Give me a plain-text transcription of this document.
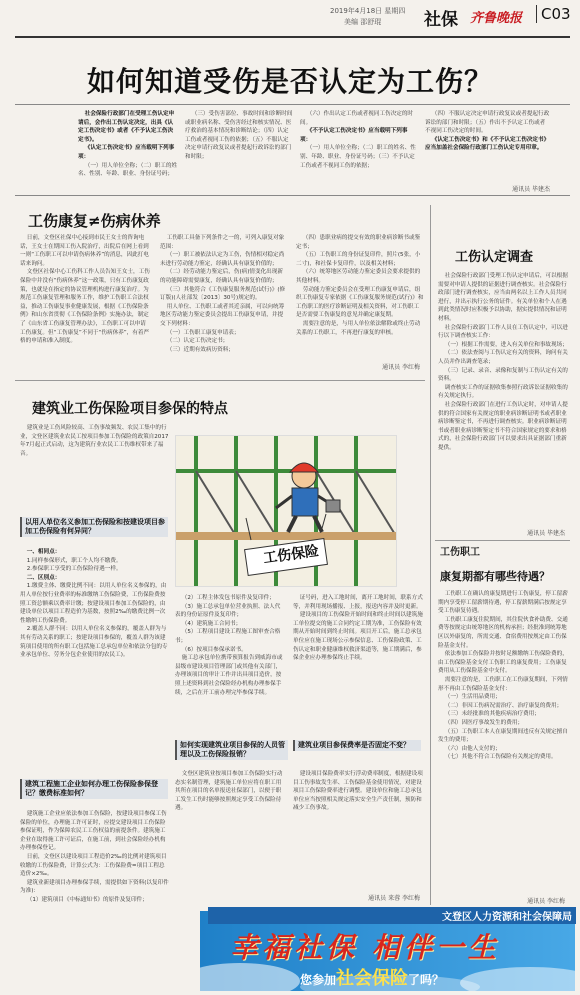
2019年4月18日 星期四
美编 邵舒琨	社保 齐鲁晚报	C03
如何知道受伤是否认定为工伤？

社会保险行政部门在受理工伤认定申请后，会作出工伤认定决定，出具《认定工伤决定书》或者《不予认定工伤决定书》。

《认定工伤决定书》应当载明下列事项：

（一）用人单位全称；（二）职工的姓名、性别、年龄、职业、身份证号码；

（三）受伤害部位、事故时间和诊断时间或职业病名称、受伤害经过和核实情况、医疗救治的基本情况和诊断结论；（四）认定工伤或者视同工伤的依据；（五）不服认定决定申请行政复议或者提起行政诉讼的部门和时限；

（六）作出认定工伤或者视同工伤决定的时间。

《不予认定工伤决定书》应当载明下列事项：

（一）用人单位全称；（二）职工的姓名、性别、年龄、职业、身份证号码；（三）不予认定工伤或者不视同工伤的依据；

（四）不服认定决定申请行政复议或者提起行政诉讼的部门和时限；（五）作出不予认定工伤或者不视同工伤决定的时间。

《认定工伤决定书》和《不予认定工伤决定书》应当加盖社会保险行政部门工伤认定专用印章。

通讯员 毕建杰
工伤康复≠伤病休养

日前，文登区社保中心接到市民王女士的咨询电话，王女士在期因工伤入院治疗，出院后在网上看到一则“工伤职工可以申请伤病休养”的消息，因此打电话来询问。

文登区社保中心工伤科工作人员告知王女士，工伤保险中并没有“伤病休养”这一政策，只有工伤康复政策，也就是在指定的协议管理机构进行康复治疗。为规范工伤康复管理和服务工作，维护工伤职工合法权益，推动工伤康复事业健康发展，根据《工伤保险条例》和山东省贯彻《工伤保险条例》实施办法，制定了《山东省工伤康复管理办法》，工伤职工可以申请工伤康复。但“工伤康复”不同于“伤病休养”，有着严格的申请和准入制度。

工伤职工具备下列条件之一的，可列入康复对象范围：

（一）职工被依法认定为工伤，伤情相对稳定尚未进行劳动能力鉴定，经确认具有康复价值的；

（二）经劳动能力鉴定后，伤(病)情变化出现新的功能障碍需要康复，经确认具有康复价值的；

（三）其他符合《工伤康复服务规范(试行)》(修订版)(人社部发〔2013〕30号)规定的。

用人单位、工伤职工或者其近亲属，可以向统筹地区劳动能力鉴定委员会提出工伤康复申请，并提交下列材料：

（一）工伤职工康复申请表；

（二）认定工伤决定书；

（三）近期有效病历资料；

（四）患职业病的提交有效的职业病诊断书或鉴定书；

（五）工伤职工的身份证复印件，照片(5张，小二寸)，和社保卡复印件，以及相关材料；

（六）统筹地区劳动能力鉴定委员会要求提供的其他材料。

劳动能力鉴定委员会在受理工伤康复申请后，组织工伤康复专家依据《工伤康复服务规范(试行)》和工伤职工的医疗诊断证明及相关资料，对工伤职工是否需要工伤康复的意见并确定康复期。

需要注意的是，与用人单位依法解除或终止劳动关系的工伤职工，不再进行康复的审核。

通讯员 李红梅
工伤认定调查

社会保险行政部门受理工伤认定申请后，可以根据需要对申请人提供的证据进行调查核实。社会保险行政部门进行调查核实，应当由两名以上工作人员共同进行，并出示执行公务的证件。有关单位和个人在遇到此类情况时应积极予以协助，据实提供情况和证明材料。

社会保险行政部门工作人员在工伤认定中，可以进行以下调查核实工作：

（一）根据工作需要，进入有关单位和事故现场；

（二）依法查阅与工伤认定有关的资料，询问有关人员并作出调查笔录；

（三）记录、录音、录像和复制与工伤认定有关的资料。

调查核实工作的证据收集参照行政诉讼证据收集的有关规定执行。

社会保险行政部门在进行工伤认定时，对申请人提供的符合国家有关规定的职业病诊断证明书或者职业病诊断鉴定书，不再进行调查核实。职业病诊断证明书或者职业病诊断鉴定书不符合国家规定的要求和格式的，社会保险行政部门可以要求出具证据部门重新提供。

通讯员 毕建杰
建筑业工伤保险项目参保的特点

建筑业是工伤风险较高、工伤事故频发、农民工集中的行业，文登区建筑业农民工按项目参加工伤保险的政策自2017年7月起正式启动，这为建筑行业农民工工伤维权带来了福音。

以用人单位名义参加工伤保险和按建设项目参加工伤保险有何异同？

一、相同点：

1.同样参保形式，职工个人均不缴费。

2.参保职工享受的工伤保险待遇一样。

二、区别点：

1.缴费主体、缴费比例不同：以用人单位名义参保的，由用人单位按行业费率的标准缴纳工伤保险费，工伤保险费按照工资总额乘以费率计缴；按建设项目参加工伤保险的，由建设单位以项目工程造价为基数，按照2‰的缴费比例一次性缴纳工伤保险费。

2.覆盖人群不同：以用人单位名义参保的，覆盖人群为与其有劳动关系的职工；按建设项目参保的，覆盖人群为该建筑项目使用的所有职工(包括施工总承包单位和依法分包的专业承包单位、劳务分包企业使用的农民工)。

建筑工程施工企业如何办理工伤保险参保登记？缴费标准如何？

建筑施工企业应依法参加工伤保险，按建设项目参保工伤保险的单位，办理施工许可证时，应提交建设项目工伤保险参保证明，作为保障农民工工伤权益的前提条件。建筑施工企业在取得施工许可证后，在施工前，到社会保险经办机构办理参保登记。

日前，文登区以建设项目工程造价2‰的比例对建筑项目收缴的工伤保险费，计算公式为：工伤保险费=项目工程总造价×2‰。

建筑业新建项目办理参保手续，需提供如下资料(以复印件为准)：

（1）建筑项目《中标通知书》的原件及复印件；

工伤保险

（2）工程主体发包书原件及复印件；

（3）施工总承包单位营业执照、法人代表的身份证原件及复印件；

（4）建筑施工合同书；

（5）工程项目建设工程施工图审查合格书；

（6）按项目参保承诺书。

施工总承包单位携带预算报告到威海市或县级市建设项目管理部门或其他有关部门，办理该项目的审计工作并出具项目造价，按照上述资料到社会保险经办机构办理参保手续，之后在开工前办理完毕参保手续。

如何实现建筑业项目参保的人员管理以及工伤保险报销？

文登区建筑业按项目参加工伤保险实行动态实名制管理，建筑施工单位应将在职工用其所在项目的名单报送社保部门，以便于职工发生工伤时能够按照规定享受工伤保险待遇。

证号码，进入工地时间，离开工地时间，联系方式等，并利用现场播报、上报，报送内容并及时更新。

建设项目的工伤保险开始时间和终止时间以建筑施工单位提交的施工合同约定工期为准，工伤保险有效期从开始时间到终止时间。项目开工后，施工总承包单位应在施工现场公示参保信息、工伤保险政策、工伤认定和职业健康维权救济渠道等，施工期满后，参保企业应办理参保终止手续。

建筑业项目参保费率是否固定不变？

建设项目保险费率实行浮动费率制度，根据建设项目工伤事故发生率、工伤保险基金使用情况，对建设项目工伤保险费率进行调整。建设单位和施工总承包单位应当按照相关规定落实安全生产责任制，预防和减少工伤事故。

通讯员 来蓉 李红梅
工伤职工
康复期都有哪些待遇？

工伤职工在确认的康复期进行工伤康复，停工留薪期内享受停工留薪期待遇，停工留薪期满后按规定享受工伤康复待遇。

工伤职工康复住院期间，其住院伙食补助费、交通费等按规定由统筹地区的机构承担；经批准到统筹地区以外康复的，所需交通、食宿费用按规定由工伤保险基金支付。

依法参加工伤保险并按时足额缴纳工伤保险费的，由工伤保险基金支付工伤职工的康复费用；工伤康复费用从工伤保险基金中支付。

需要注意的是，工伤职工在工伤康复期间，下列情形不再由工伤保险基金支付：

（一）生活用品费用；

（二）非因工伤病况需治疗、治疗康复的费用；

（三）未经批准的其他疾病治疗费用；

（四）因医疗事故发生的费用；

（五）工伤职工本人在康复期间违反有关规定擅自发生的费用；

（六）由他人支付的；

（七）其他不符合工伤保险有关规定的费用。

通讯员 李红梅
文登区人力资源和社会保障局
幸福社保 相伴一生
您参加社会保险了吗？
